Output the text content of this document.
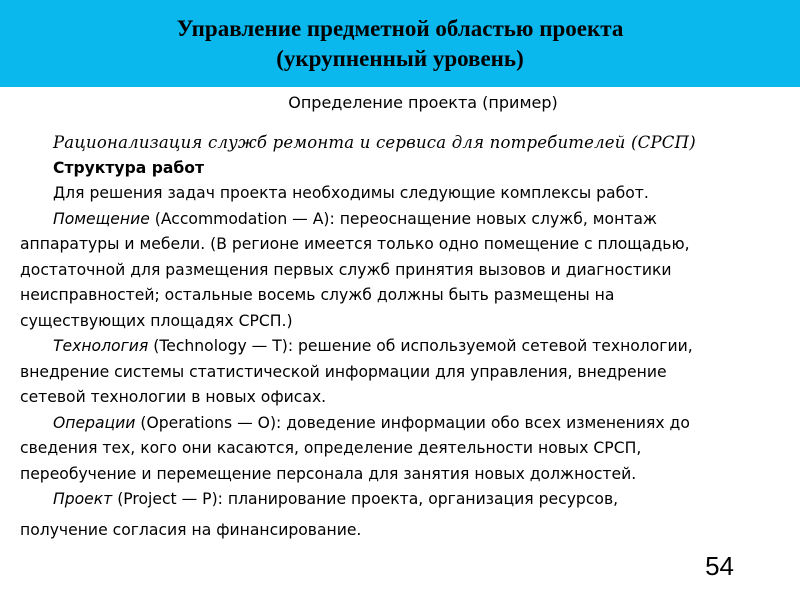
Управление предметной областью проекта
(укрупненный уровень)
Определение проекта (пример)
Рационализация служб ремонта и сервиса для потребителей (СРСП)
Структура работ
Для решения задач проекта необходимы следующие комплексы работ.
Помещение (Accommodation — A): переоснащение новых служб, монтаж
аппаратуры и мебели. (В регионе имеется только одно помещение с площадью,
достаточной для размещения первых служб принятия вызовов и диагностики
неисправностей; остальные восемь служб должны быть размещены на
существующих площадях СРСП.)
Технология (Technology — T): решение об используемой сетевой технологии,
внедрение системы статистической информации для управления, внедрение
сетевой технологии в новых офисах.
Операции (Operations — O): доведение информации обо всех изменениях до
сведения тех, кого они касаются, определение деятельности новых СРСП,
переобучение и перемещение персонала для занятия новых должностей.
Проект (Project — P): планирование проекта, организация ресурсов,
получение согласия на финансирование.
54
